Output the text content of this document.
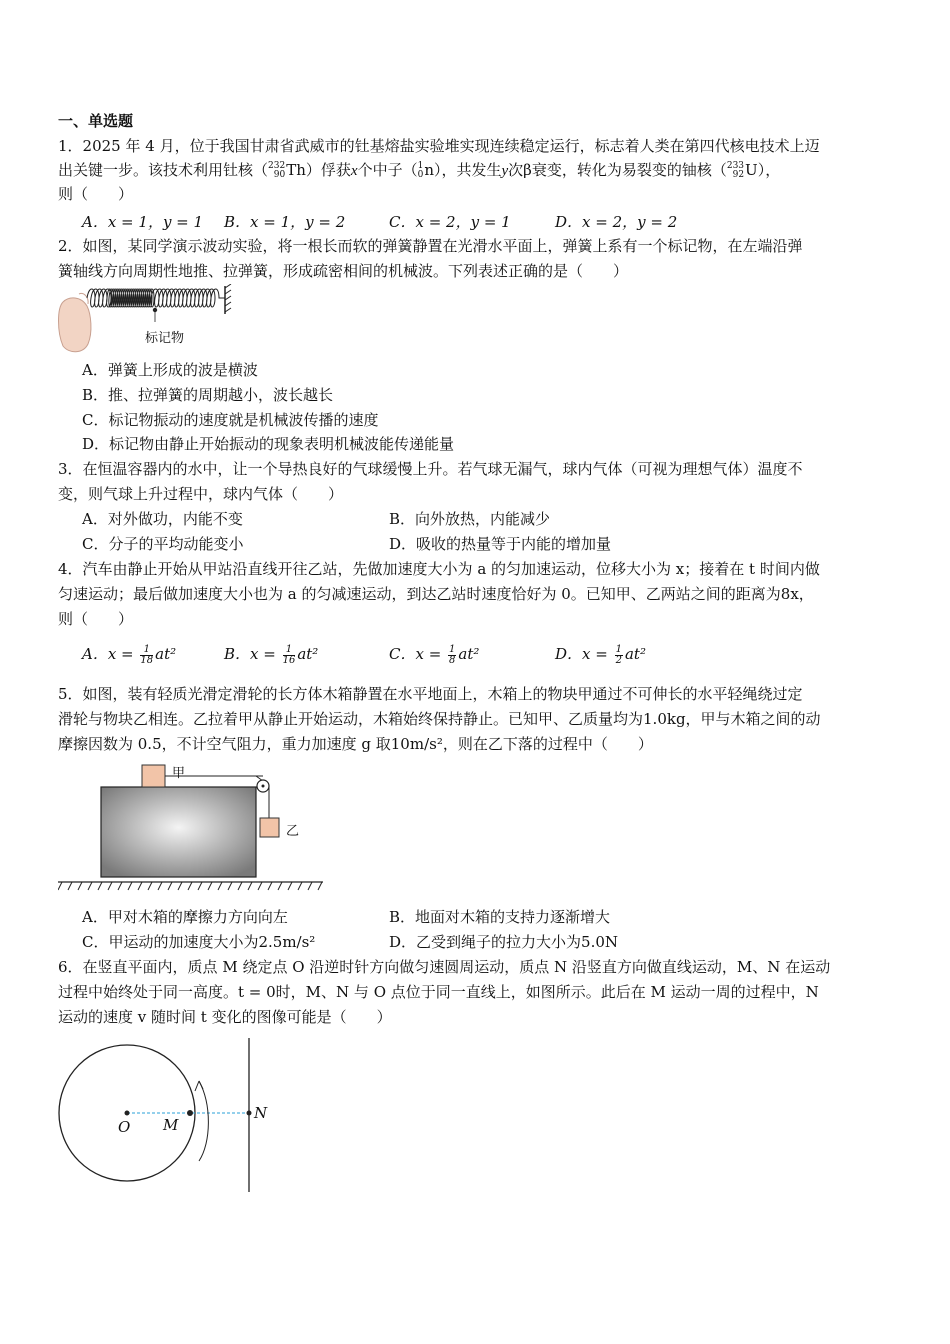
一、单选题
1．2025 年 4 月，位于我国甘肃省武威市的钍基熔盐实验堆实现连续稳定运行，标志着人类在第四代核电技术上迈
出关键一步。该技术利用钍核（ 232
90 Th）俘获x个中子（ 1
0 n），共发生y次β衰变，转化为易裂变的铀核（ 233
92 U），
则（　　）
A．x = 1，y = 1 B．x = 1，y = 2	C．x = 2，y = 1	D．x = 2，y = 2
2．如图，某同学演示波动实验，将一根长而软的弹簧静置在光滑水平面上，弹簧上系有一个标记物，在左端沿弹
簧轴线方向周期性地推、拉弹簧，形成疏密相间的机械波。下列表述正确的是（　　）
标记物
A．弹簧上形成的波是横波
B．推、拉弹簧的周期越小，波长越长
C．标记物振动的速度就是机械波传播的速度
D．标记物由静止开始振动的现象表明机械波能传递能量
3．在恒温容器内的水中，让一个导热良好的气球缓慢上升。若气球无漏气，球内气体（可视为理想气体）温度不
变，则气球上升过程中，球内气体（　　）
A．对外做功，内能不变	B．向外放热，内能减少
C．分子的平均动能变小	D．吸收的热量等于内能的增加量
4．汽车由静止开始从甲站沿直线开往乙站，先做加速度大小为 a 的匀加速运动，位移大小为 x；接着在 t 时间内做
匀速运动；最后做加速度大小也为 a 的匀减速运动，到达乙站时速度恰好为 0。已知甲、乙两站之间的距离为8x，
则（　　）
A．$x = \frac{1}{18} at^2$	B．$x = \frac{1}{16} at^2$	C．$x = \frac{1}{8} at^2$	D．$x = \frac{1}{2} at^2$
5．如图，装有轻质光滑定滑轮的长方体木箱静置在水平地面上，木箱上的物块甲通过不可伸长的水平轻绳绕过定
滑轮与物块乙相连。乙拉着甲从静止开始运动，木箱始终保持静止。已知甲、乙质量均为1.0kg，甲与木箱之间的动
摩擦因数为 0.5，不计空气阻力，重力加速度 g 取10m/s²，则在乙下落的过程中（　　）
甲
乙
A．甲对木箱的摩擦力方向向左	B．地面对木箱的支持力逐渐增大
C．甲运动的加速度大小为2.5m/s²	D．乙受到绳子的拉力大小为5.0N
6．在竖直平面内，质点 M 绕定点 O 沿逆时针方向做匀速圆周运动，质点 N 沿竖直方向做直线运动，M、N 在运动
过程中始终处于同一高度。t = 0时，M、N 与 O 点位于同一直线上，如图所示。此后在 M 运动一周的过程中，N
运动的速度 v 随时间 t 变化的图像可能是（　　）
O M
N
